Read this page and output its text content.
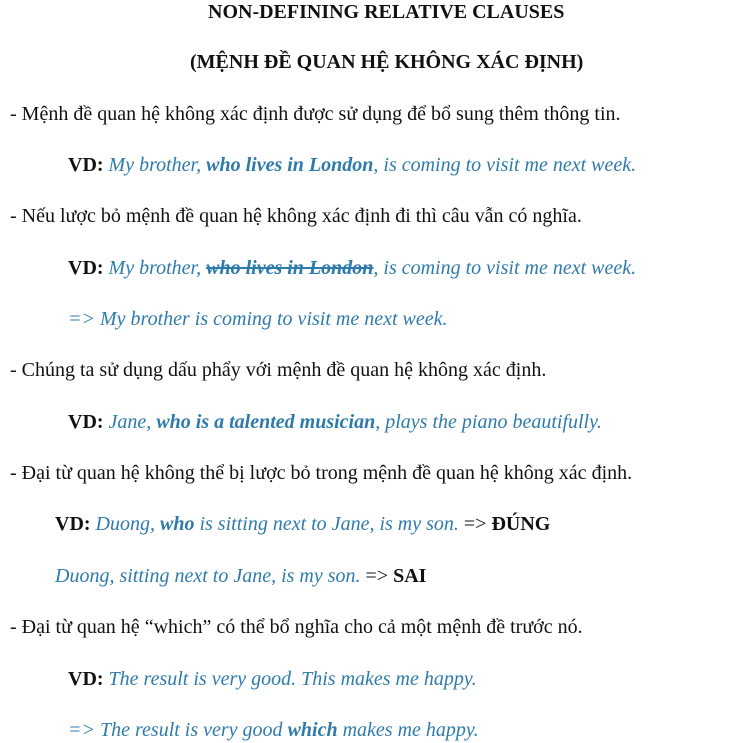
NON-DEFINING RELATIVE CLAUSES
(MỆNH ĐỀ QUAN HỆ KHÔNG XÁC ĐỊNH)
- Mệnh đề quan hệ không xác định được sử dụng để bổ sung thêm thông tin.
VD: My brother, who lives in London, is coming to visit me next week.
- Nếu lược bỏ mệnh đề quan hệ không xác định đi thì câu vẫn có nghĩa.
VD: My brother, who lives in London, is coming to visit me next week.
=> My brother is coming to visit me next week.
- Chúng ta sử dụng dấu phẩy với mệnh đề quan hệ không xác định.
VD: Jane, who is a talented musician, plays the piano beautifully.
- Đại từ quan hệ không thể bị lược bỏ trong mệnh đề quan hệ không xác định.
VD: Duong, who is sitting next to Jane, is my son. => ĐÚNG
Duong, sitting next to Jane, is my son. => SAI
- Đại từ quan hệ “which” có thể bổ nghĩa cho cả một mệnh đề trước nó.
VD: The result is very good. This makes me happy.
=> The result is very good which makes me happy.
